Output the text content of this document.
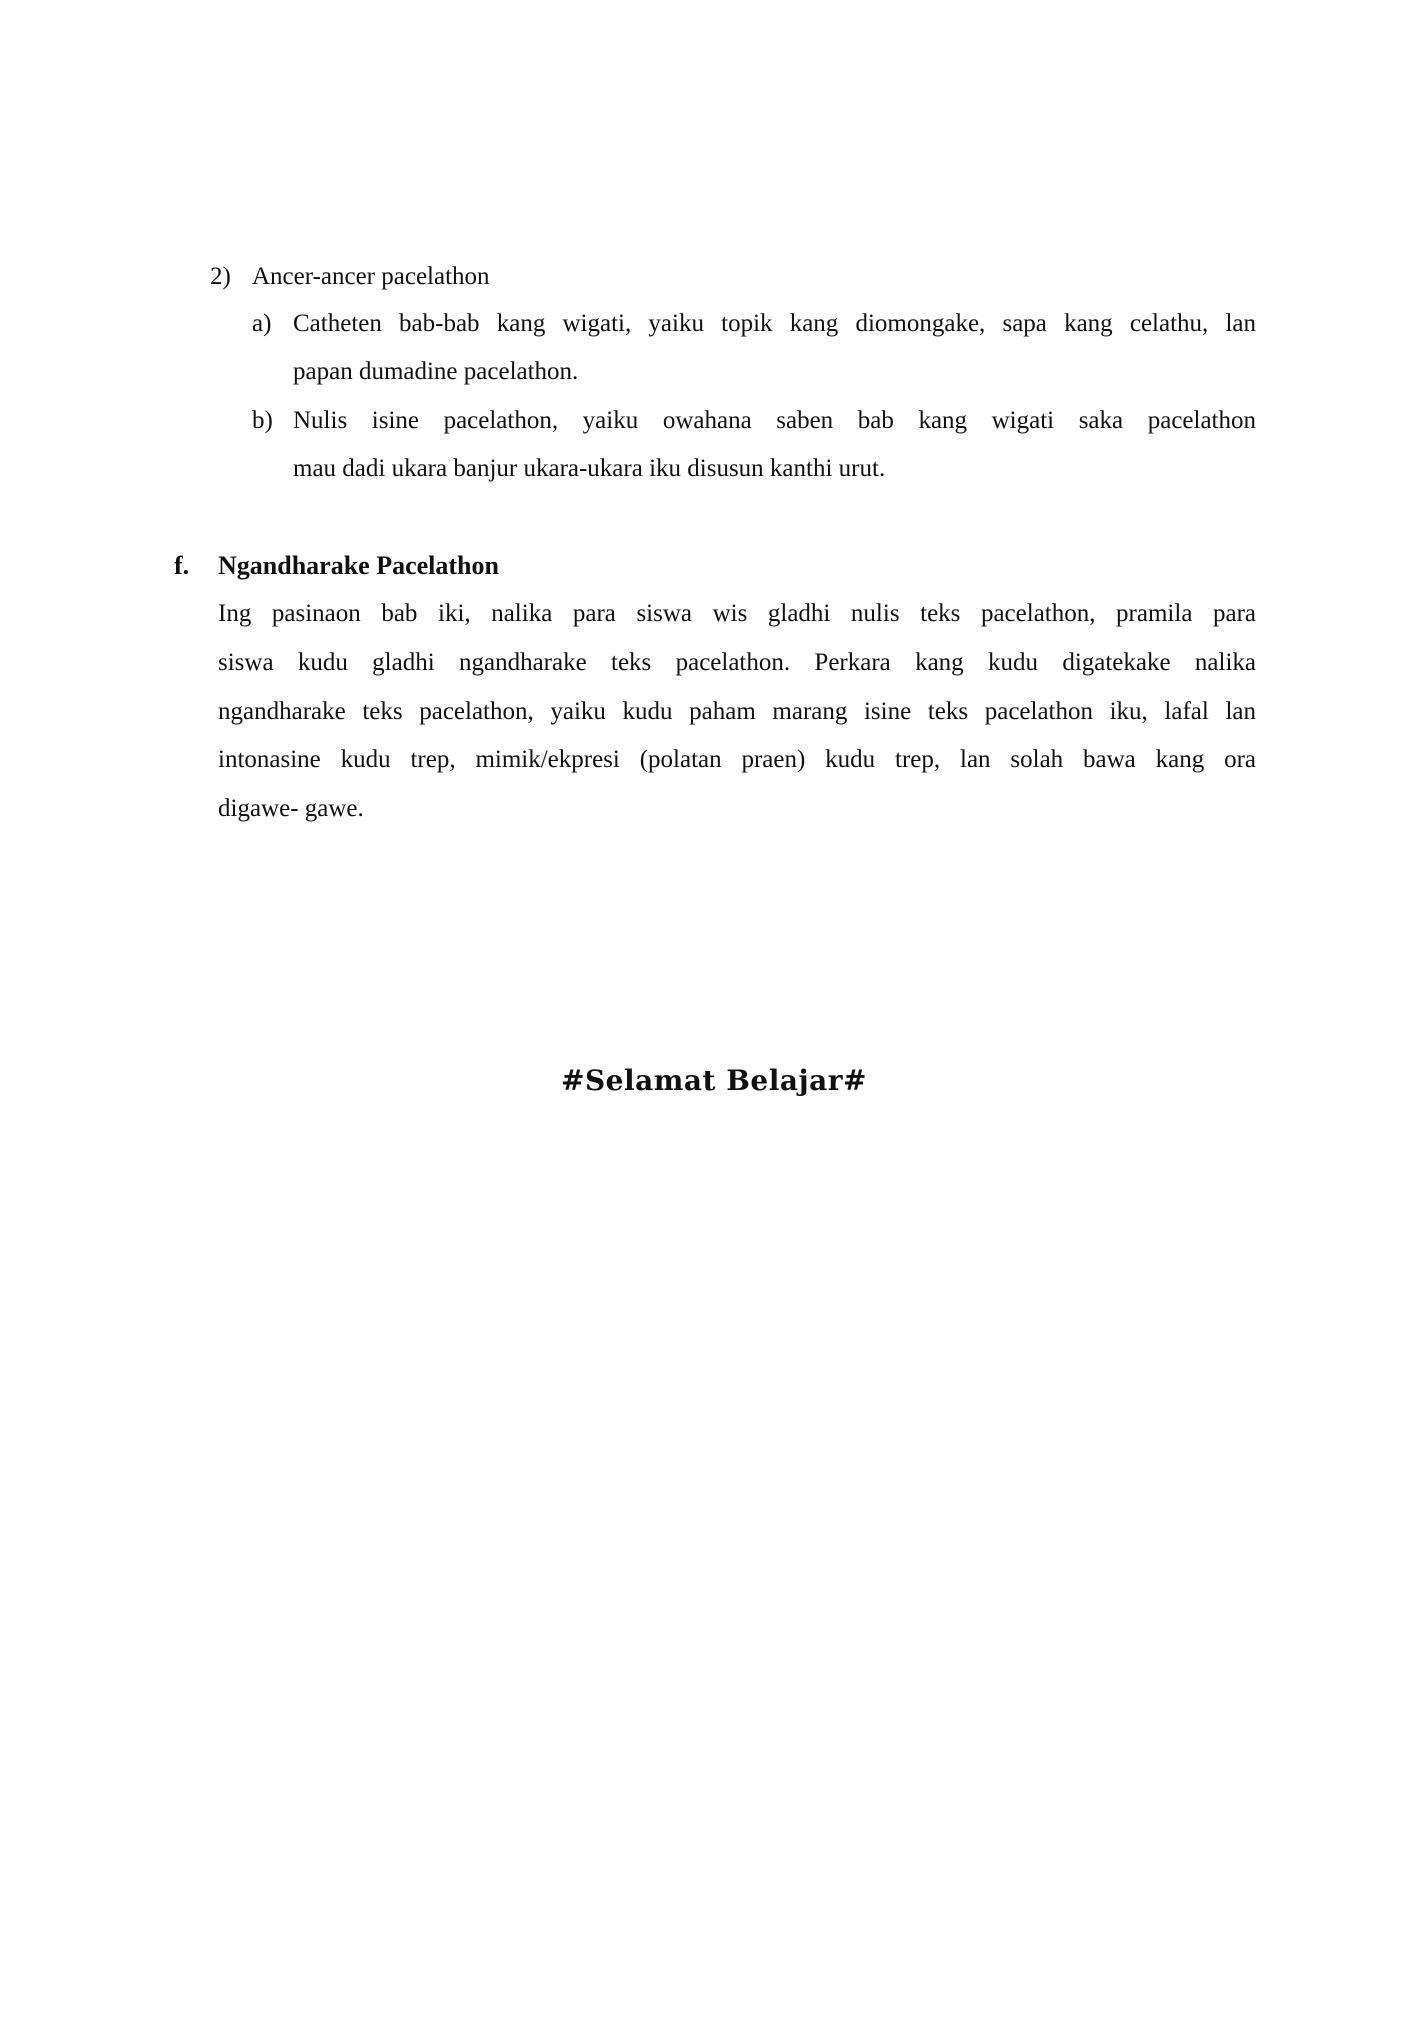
2) Ancer-ancer pacelathon
a) Catheten bab-bab kang wigati, yaiku topik kang diomongake, sapa kang celathu, lan
papan dumadine pacelathon.
b) Nulis isine pacelathon, yaiku owahana saben bab kang wigati saka pacelathon
mau dadi ukara banjur ukara-ukara iku disusun kanthi urut.
f. Ngandharake Pacelathon
Ing pasinaon bab iki, nalika para siswa wis gladhi nulis teks pacelathon, pramila para
siswa kudu gladhi ngandharake teks pacelathon. Perkara kang kudu digatekake nalika
ngandharake teks pacelathon, yaiku kudu paham marang isine teks pacelathon iku, lafal lan
intonasine kudu trep, mimik/ekpresi (polatan praen) kudu trep, lan solah bawa kang ora
digawe- gawe.
#Selamat Belajar#
